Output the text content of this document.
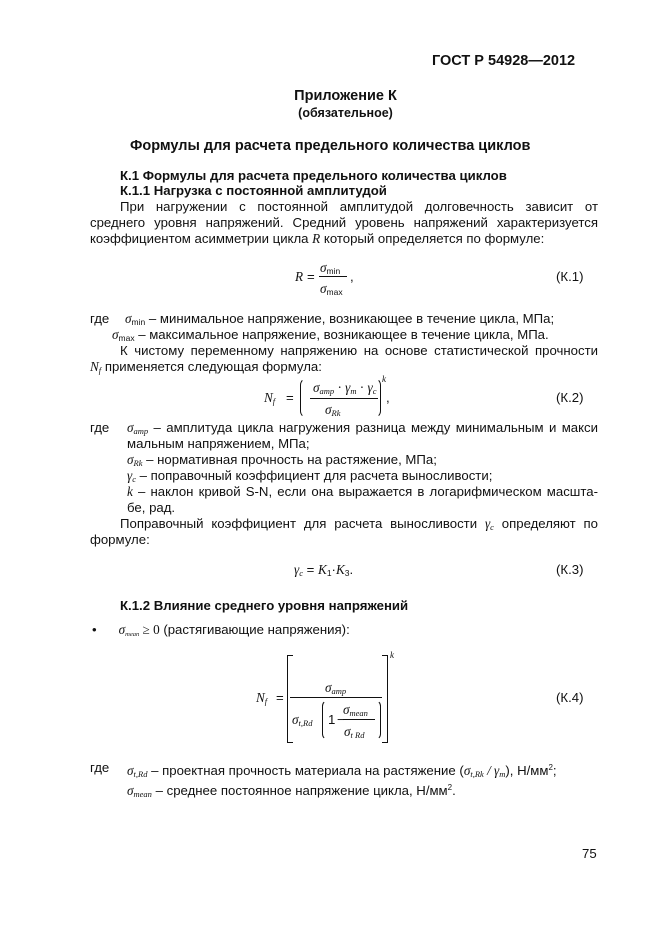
ГОСТ Р 54928—2012
Приложение К
(обязательное)
Формулы для расчета предельного количества циклов
К.1 Формулы для расчета предельного количества циклов
К.1.1 Нагрузка с постоянной амплитудой
При нагружении с постоянной амплитудой долговечность зависит от
среднего уровня напряжений. Средний уровень напряжений характеризуется
коэффициентом асимметрии цикла R который определяется по формуле:
R =
$\sigma_{min}$
$\sigma_{max}$
,	(К.1)
где	$\sigma_{min}$ – минимальное напряжение, возникающее в течение цикла, МПа;
$\sigma_{max}$ – максимальное напряжение, возникающее в течение цикла, МПа.
К чистому переменному напряжению на основе статистической прочности
Nf применяется следующая формула:
Nf =
σamp · γm · γc
σRk
k
,	(К.2)
где	σamp – амплитуда цикла нагружения разница между минимальным и макси
мальным напряжением, МПа;
σRk – нормативная прочность на растяжение, МПа;
γc – поправочный коэффициент для расчета выносливости;
k – наклон кривой S-N, если она выражается в логарифмическом масшта-
бе, рад.
Поправочный коэффициент для расчета выносливости γc определяют по
формуле:
$\gamma c = K_1\cdot K_3$.	(К.3)
К.1.2 Влияние среднего уровня напряжений
• σmean ≥ 0 (растягивающие напряжения):
Nf =
σamp
σt,Rd 1 −
σmean
σt Rd
k
(К.4)
где	σt,Rd – проектная прочность материала на растяжение (σt,Rk / γm), $Н/мм^2$;
σmean – среднее постоянное напряжение цикла, $Н/мм^2$.
75
